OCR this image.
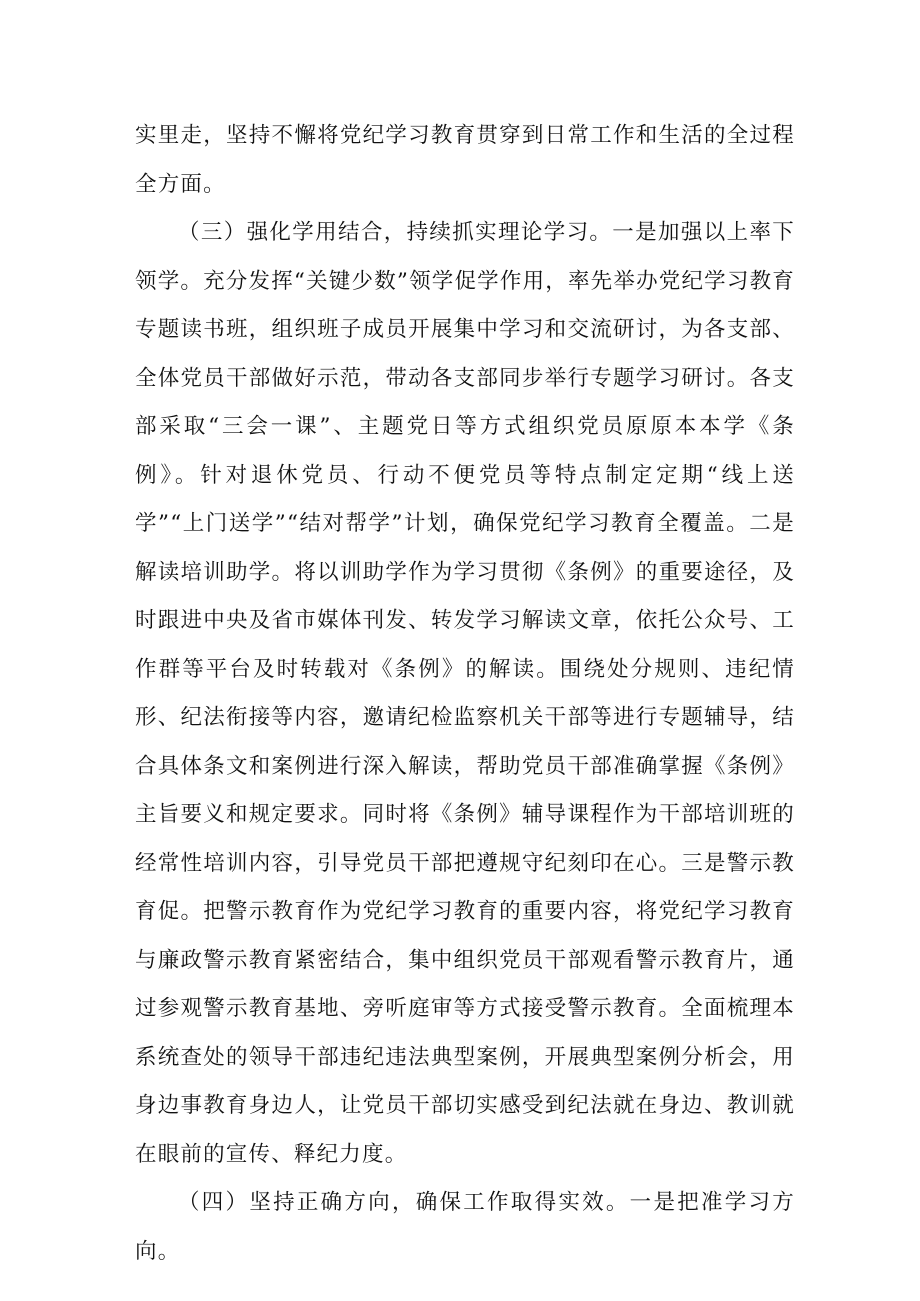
实里走，坚持不懈将党纪学习教育贯穿到日常工作和生活的全过程全方面。

（三）强化学用结合，持续抓实理论学习。一是加强以上率下领学。充分发挥“关键少数”领学促学作用，率先举办党纪学习教育专题读书班，组织班子成员开展集中学习和交流研讨，为各支部、全体党员干部做好示范，带动各支部同步举行专题学习研讨。各支部采取“三会一课”、主题党日等方式组织党员原原本本学《条例》。针对退休党员、行动不便党员等特点制定定期“线上送学”“上门送学”“结对帮学”计划，确保党纪学习教育全覆盖。二是解读培训助学。将以训助学作为学习贯彻《条例》的重要途径，及时跟进中央及省市媒体刊发、转发学习解读文章，依托公众号、工作群等平台及时转载对《条例》的解读。围绕处分规则、违纪情形、纪法衔接等内容，邀请纪检监察机关干部等进行专题辅导，结合具体条文和案例进行深入解读，帮助党员干部准确掌握《条例》主旨要义和规定要求。同时将《条例》辅导课程作为干部培训班的经常性培训内容，引导党员干部把遵规守纪刻印在心。三是警示教育促。把警示教育作为党纪学习教育的重要内容，将党纪学习教育与廉政警示教育紧密结合，集中组织党员干部观看警示教育片，通过参观警示教育基地、旁听庭审等方式接受警示教育。全面梳理本系统查处的领导干部违纪违法典型案例，开展典型案例分析会，用身边事教育身边人，让党员干部切实感受到纪法就在身边、教训就在眼前的宣传、释纪力度。

（四）坚持正确方向，确保工作取得实效。一是把准学习方向。
